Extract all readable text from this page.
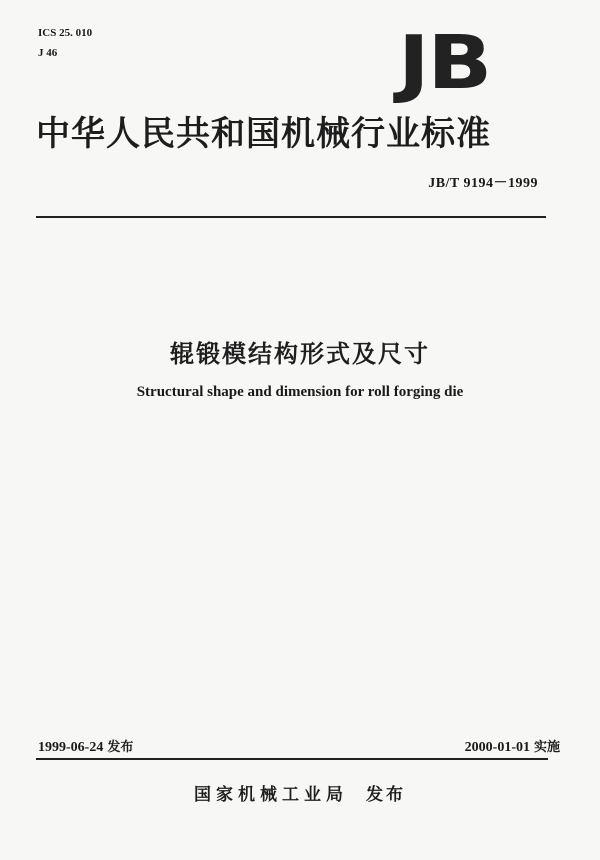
ICS 25. 010
J 46	JB
中华人民共和国机械行业标准
JB/T 9194－1999
辊锻模结构形式及尺寸
Structural shape and dimension for roll forging die
1999-06-24 发布	2000-01-01 实施
国家机械工业局 发布
